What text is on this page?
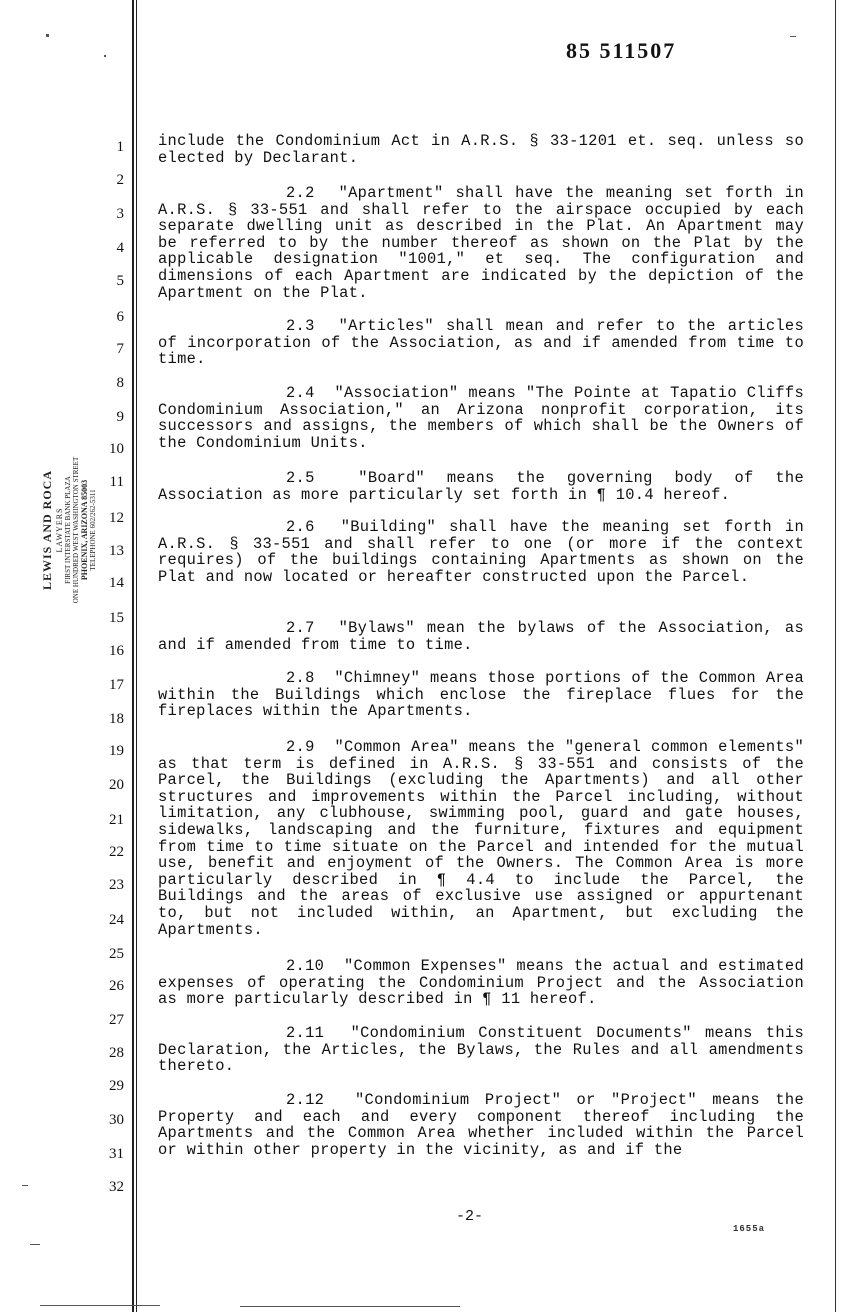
85 511507
LEWIS AND ROCA LAWYERS FIRST INTERSTATE BANK PLAZA ONE HUNDRED WEST WASHINGTON STREET PHOENIX, ARIZONA 85003 TELEPHONE 602/262-5311
1
2
3
4
5
6
7
8
9
10
11
12
13
14
15
16
17
18
19
20
21
22
23
24
25
26
27
28
29
30
31
32

include the Condominium Act in A.R.S. § 33-1201 et. seq. unless so elected by Declarant.

2.2 "Apartment" shall have the meaning set forth in A.R.S. § 33-551 and shall refer to the airspace occupied by each separate dwelling unit as described in the Plat. An Apartment may be referred to by the number thereof as shown on the Plat by the applicable designation "1001," et seq. The configuration and dimensions of each Apartment are indicated by the depiction of the Apartment on the Plat.

2.3 "Articles" shall mean and refer to the articles of incorporation of the Association, as and if amended from time to time.

2.4 "Association" means "The Pointe at Tapatio Cliffs Condominium Association," an Arizona nonprofit corporation, its successors and assigns, the members of which shall be the Owners of the Condominium Units.

2.5	"Board" means the governing body of the Association as more particularly set forth in ¶ 10.4 hereof.

2.6 "Building" shall have the meaning set forth in A.R.S. § 33-551 and shall refer to one (or more if the context requires) of the buildings containing Apartments as shown on the Plat and now located or hereafter constructed upon the Parcel.

2.7 "Bylaws" mean the bylaws of the Association, as and if amended from time to time.

2.8 "Chimney" means those portions of the Common Area within the Buildings which enclose the fireplace flues for the fireplaces within the Apartments.

2.9 "Common Area" means the "general common elements" as that term is defined in A.R.S. § 33-551 and consists of the Parcel, the Buildings (excluding the Apartments) and all other structures and improvements within the Parcel including, without limitation, any clubhouse, swimming pool, guard and gate houses, sidewalks, landscaping and the furniture, fixtures and equipment from time to time situate on the Parcel and intended for the mutual use, benefit and enjoyment of the Owners. The Common Area is more particularly described in ¶ 4.4 to include the Parcel, the Buildings and the areas of exclusive use assigned or appurtenant to, but not included within, an Apartment, but excluding the Apartments.

2.10 "Common Expenses" means the actual and estimated expenses of operating the Condominium Project and the Association as more particularly described in ¶ 11 hereof.

2.11 "Condominium Constituent Documents" means this Declaration, the Articles, the Bylaws, the Rules and all amendments thereto.

2.12 "Condominium Project" or "Project" means the Property and each and every component thereof including the Apartments and the Common Area whether included within the Parcel or within other property in the vicinity, as and if the

-2-
1655a
